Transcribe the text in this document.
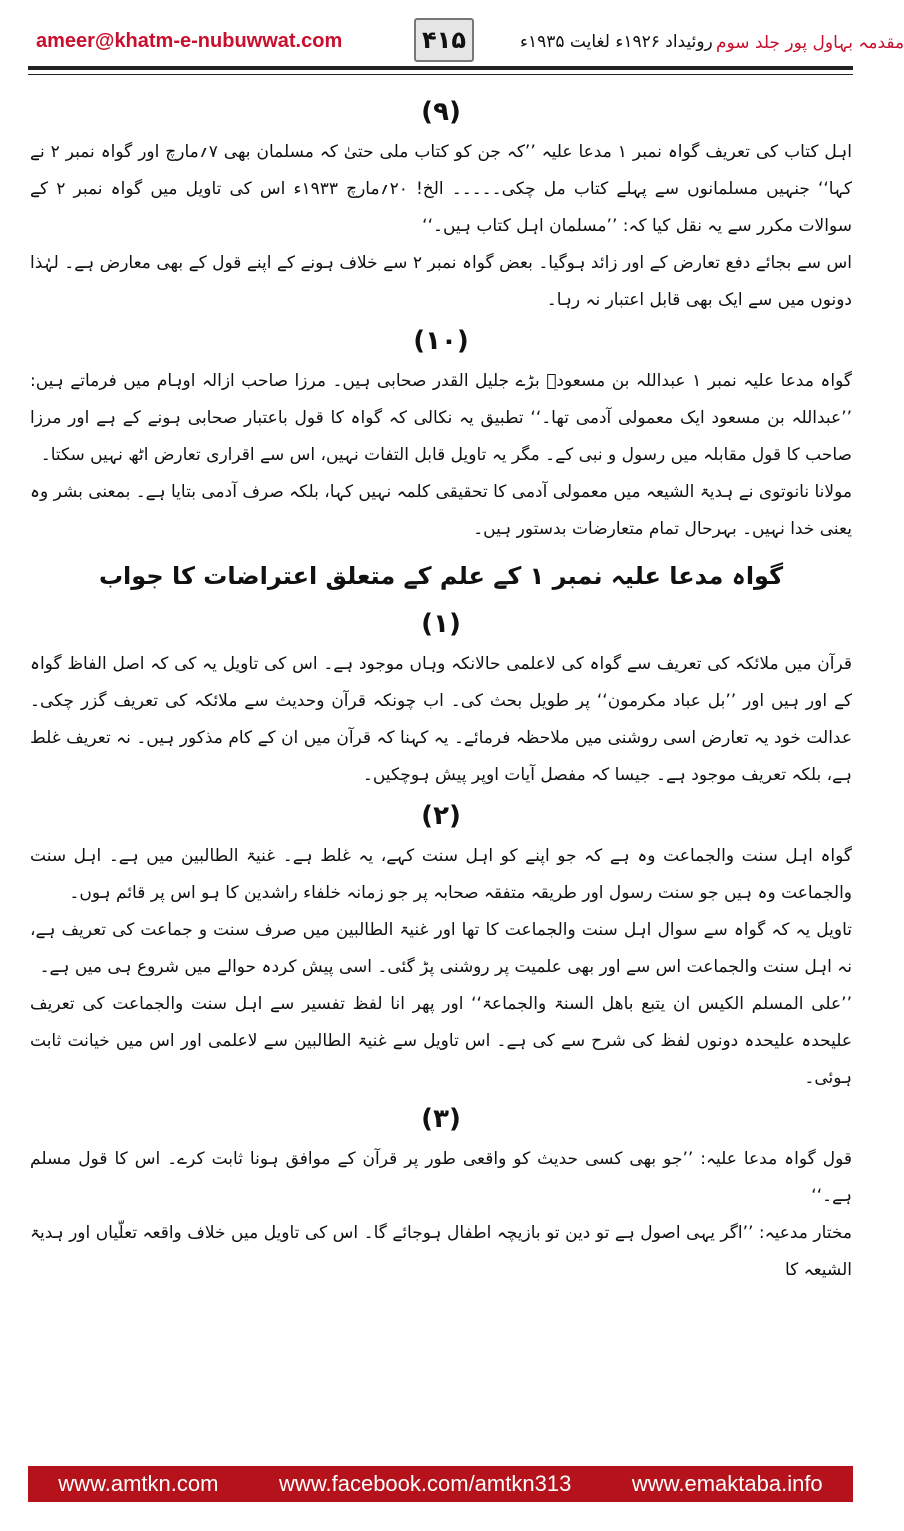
ameer@khatm-e-nubuwwat.com	۴۱۵	روئیداد ۱۹۲۶ء لغایت ۱۹۳۵ء مقدمہ بہاول پور جلد سوم
(۹)

اہل کتاب کی تعریف گواہ نمبر ۱ مدعا علیہ ’’کہ جن کو کتاب ملی حتیٰ کہ مسلمان بھی ۷؍مارچ اور گواہ نمبر ۲ نے کہا‘‘ جنہیں مسلمانوں سے پہلے کتاب مل چکی۔۔۔۔۔ الخ! ۲۰؍مارچ ۱۹۳۳ء اس کی تاویل میں گواہ نمبر ۲ کے سوالات مکرر سے یہ نقل کیا کہ: ’’مسلمان اہل کتاب ہیں۔‘‘

اس سے بجائے دفع تعارض کے اور زائد ہوگیا۔ بعض گواہ نمبر ۲ سے خلاف ہونے کے اپنے قول کے بھی معارض ہے۔ لہٰذا دونوں میں سے ایک بھی قابل اعتبار نہ رہا۔

(۱۰)

گواہ مدعا علیہ نمبر ۱ عبداللہ بن مسعودؓ بڑے جلیل القدر صحابی ہیں۔ مرزا صاحب ازالہ اوہام میں فرماتے ہیں: ’’عبداللہ بن مسعود ایک معمولی آدمی تھا۔‘‘ تطبیق یہ نکالی کہ گواہ کا قول باعتبار صحابی ہونے کے ہے اور مرزا صاحب کا قول مقابلہ میں رسول و نبی کے۔ مگر یہ تاویل قابل التفات نہیں، اس سے اقراری تعارض اٹھ نہیں سکتا۔

مولانا نانوتوی نے ہدیۃ الشیعہ میں معمولی آدمی کا تحقیقی کلمہ نہیں کہا، بلکہ صرف آدمی بتایا ہے۔ بمعنی بشر وہ یعنی خدا نہیں۔ بہرحال تمام متعارضات بدستور ہیں۔

گواہ مدعا علیہ نمبر ۱ کے علم کے متعلق اعتراضات کا جواب
(۱)

قرآن میں ملائکہ کی تعریف سے گواہ کی لاعلمی حالانکہ وہاں موجود ہے۔ اس کی تاویل یہ کی کہ اصل الفاظ گواہ کے اور ہیں اور ’’بل عباد مکرمون‘‘ پر طویل بحث کی۔ اب چونکہ قرآن وحدیث سے ملائکہ کی تعریف گزر چکی۔ عدالت خود یہ تعارض اسی روشنی میں ملاحظہ فرمائے۔ یہ کہنا کہ قرآن میں ان کے کام مذکور ہیں۔ نہ تعریف غلط ہے، بلکہ تعریف موجود ہے۔ جیسا کہ مفصل آیات اوپر پیش ہوچکیں۔

(۲)

گواہ اہل سنت والجماعت وہ ہے کہ جو اپنے کو اہل سنت کہے، یہ غلط ہے۔ غنیۃ الطالبین میں ہے۔ اہل سنت والجماعت وہ ہیں جو سنت رسول اور طریقہ متفقہ صحابہ پر جو زمانہ خلفاء راشدین کا ہو اس پر قائم ہوں۔

تاویل یہ کہ گواہ سے سوال اہل سنت والجماعت کا تھا اور غنیۃ الطالبین میں صرف سنت و جماعت کی تعریف ہے، نہ اہل سنت والجماعت اس سے اور بھی علمیت پر روشنی پڑ گئی۔ اسی پیش کردہ حوالے میں شروع ہی میں ہے۔

’’علی المسلم الکیس ان یتبع باھل السنۃ والجماعۃ‘‘ اور پھر انا لفظ تفسیر سے اہل سنت والجماعت کی تعریف علیحدہ علیحدہ دونوں لفظ کی شرح سے کی ہے۔ اس تاویل سے غنیۃ الطالبین سے لاعلمی اور اس میں خیانت ثابت ہوئی۔

(۳)

قول گواہ مدعا علیہ: ’’جو بھی کسی حدیث کو واقعی طور پر قرآن کے موافق ہونا ثابت کرے۔ اس کا قول مسلم ہے۔‘‘

مختار مدعیہ: ’’اگر یہی اصول ہے تو دین تو بازیچہ اطفال ہوجائے گا۔ اس کی تاویل میں خلاف واقعہ تعلّیاں اور ہدیۃ الشیعہ کا

www.amtkn.com	www.facebook.com/amtkn313	www.emaktaba.info
